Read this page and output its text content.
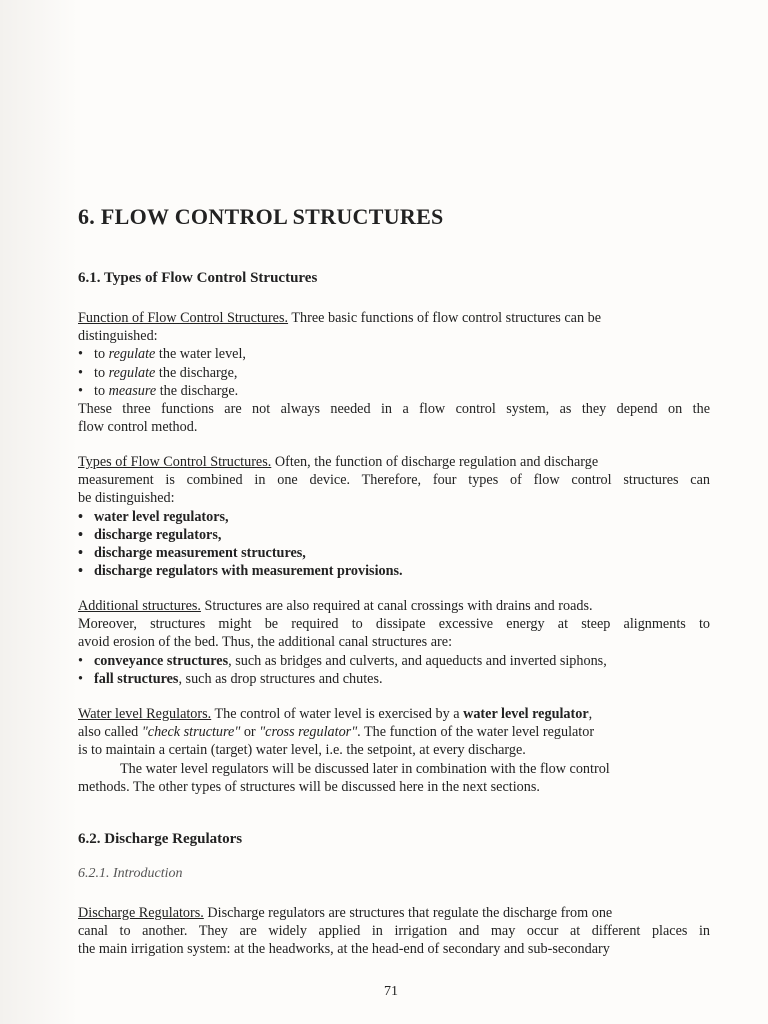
6. FLOW CONTROL STRUCTURES
6.1. Types of Flow Control Structures
Function of Flow Control Structures. Three basic functions of flow control structures can be
distinguished:
• to regulate the water level,
• to regulate the discharge,
• to measure the discharge.
These three functions are not always needed in a flow control system, as they depend on the
flow control method.
Types of Flow Control Structures. Often, the function of discharge regulation and discharge
measurement is combined in one device. Therefore, four types of flow control structures can
be distinguished:
• water level regulators,
• discharge regulators,
• discharge measurement structures,
• discharge regulators with measurement provisions.
Additional structures. Structures are also required at canal crossings with drains and roads.
Moreover, structures might be required to dissipate excessive energy at steep alignments to
avoid erosion of the bed. Thus, the additional canal structures are:
• conveyance structures, such as bridges and culverts, and aqueducts and inverted siphons,
• fall structures, such as drop structures and chutes.
Water level Regulators. The control of water level is exercised by a water level regulator,
also called "check structure" or "cross regulator". The function of the water level regulator
is to maintain a certain (target) water level, i.e. the setpoint, at every discharge.
The water level regulators will be discussed later in combination with the flow control
methods. The other types of structures will be discussed here in the next sections.
6.2. Discharge Regulators
6.2.1. Introduction
Discharge Regulators. Discharge regulators are structures that regulate the discharge from one
canal to another. They are widely applied in irrigation and may occur at different places in
the main irrigation system: at the headworks, at the head-end of secondary and sub-secondary
71
